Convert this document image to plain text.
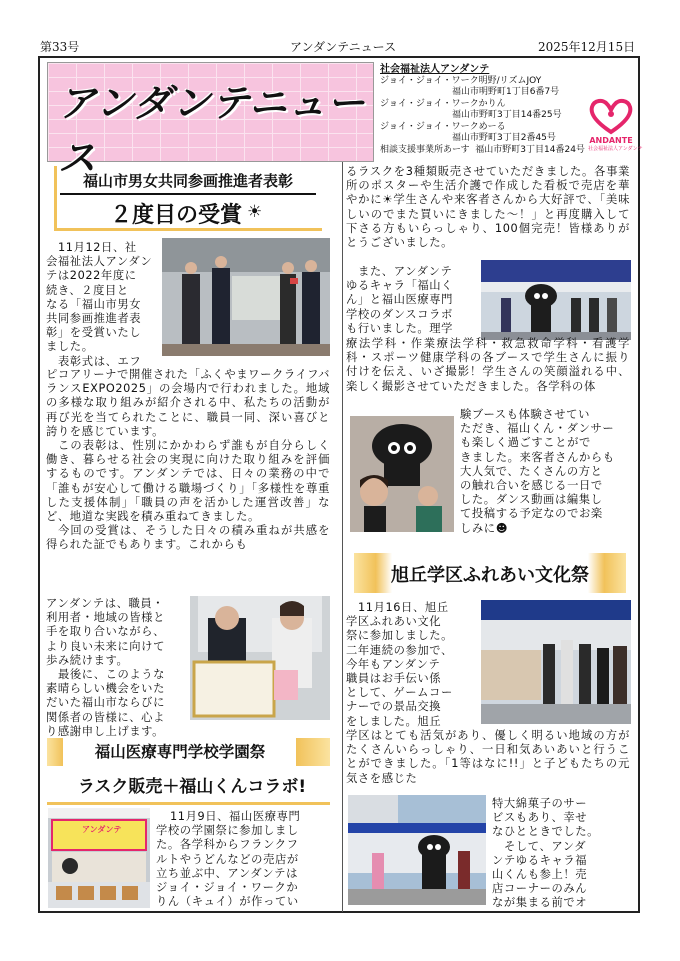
第33号	アンダンテニュース	2025年12月15日
アンダンテニュース
社会福祉法人アンダンテ
ジョイ・ジョイ・ワーク明野/リズムJOY
福山市明野町1丁目6番7号
ジョイ・ジョイ・ワークかりん
福山市野町3丁目14番25号
ジョイ・ジョイ・ワークめーる
福山市野町3丁目2番45号
相談支援事業所あーす 福山市野町3丁目14番24号
ANDANTE
社会福祉法人アンダンテ
福山市男女共同参画推進者表彰
２度目の受賞 ☀
11月12日、社
会福祉法人アンダン
テは2022年度に
続き、２度目と
なる「福山市男女
共同参画推進者表
彰」を受賞いたし
ました。
表彰式は、エフ
ピコアリーナで開催された「ふくやまワークライフバランスEXPO2025」の会場内で行われました。地域の多様な取り組みが紹介される中、私たちの活動が再び光を当てられたことに、職員一同、深い喜びと誇りを感じています。
この表彰は、性別にかかわらず誰もが自分らしく働き、暮らせる社会の実現に向けた取り組みを評価するものです。アンダンテでは、日々の業務の中で「誰もが安心して働ける職場づくり」「多様性を尊重した支援体制」「職員の声を活かした運営改善」など、地道な実践を積み重ねてきました。
今回の受賞は、そうした日々の積み重ねが共感を得られた証でもあります。これからも
アンダンテは、職員・
利用者・地域の皆様と
手を取り合いながら、
より良い未来に向けて
歩み続けます。
最後に、このような
素晴らしい機会をいた
だいた福山市ならびに
関係者の皆様に、心よ
り感謝申し上げます。
福山医療専門学校学園祭
ラスク販売＋福山くんコラボ!
アンダンテ
11月9日、福山医療専門
学校の学園祭に参加しまし
た。各学科からフランクフ
ルトやうどんなどの売店が
立ち並ぶ中、アンダンテは
ジョイ・ジョイ・ワークか
りん（キュイ）が作ってい
るラスクを3種類販売させていただきました。各事業所のポスターや生活介護で作成した看板で売店を華やかに☀学生さんや来客者さんから大好評で、「美味しいのでまた買いにきました～！」と再度購入して下さる方もいらっしゃり、100個完売！皆様ありがとうございました。
また、アンダンテ
ゆるキャラ「福山く
ん」と福山医療専門
学校のダンスコラボ
も行いました。理学
療法学科・作業療法学科・救急救命学科・看護学科・スポーツ健康学科の各ブースで学生さんに振り付けを伝え、いざ撮影！学生さんの笑顔溢れる中、楽しく撮影させていただきました。各学科の体
験ブースも体験させてい
ただき、福山くん・ダンサー
も楽しく過ごすことがで
きました。来客者さんからも
大人気で、たくさんの方と
の触れ合いを感じる一日で
した。ダンス動画は編集し
て投稿する予定なのでお楽
しみに☻
旭丘学区ふれあい文化祭
11月16日、旭丘
学区ふれあい文化
祭に参加しました。
二年連続の参加で、
今年もアンダンテ
職員はお手伝い係
として、ゲームコー
ナーでの景品交換
をしました。旭丘
学区はとても活気があり、優しく明るい地域の方がたくさんいらっしゃり、一日和気あいあいと行うことができました。「1等はなに!!」と子どもたちの元気さを感じた
特大綿菓子のサー
ビスもあり、幸せ
なひとときでした。
そして、アンダ
ンテゆるキャラ福
山くんも参上！売
店コーナーのみん
なが集まる前でオ
